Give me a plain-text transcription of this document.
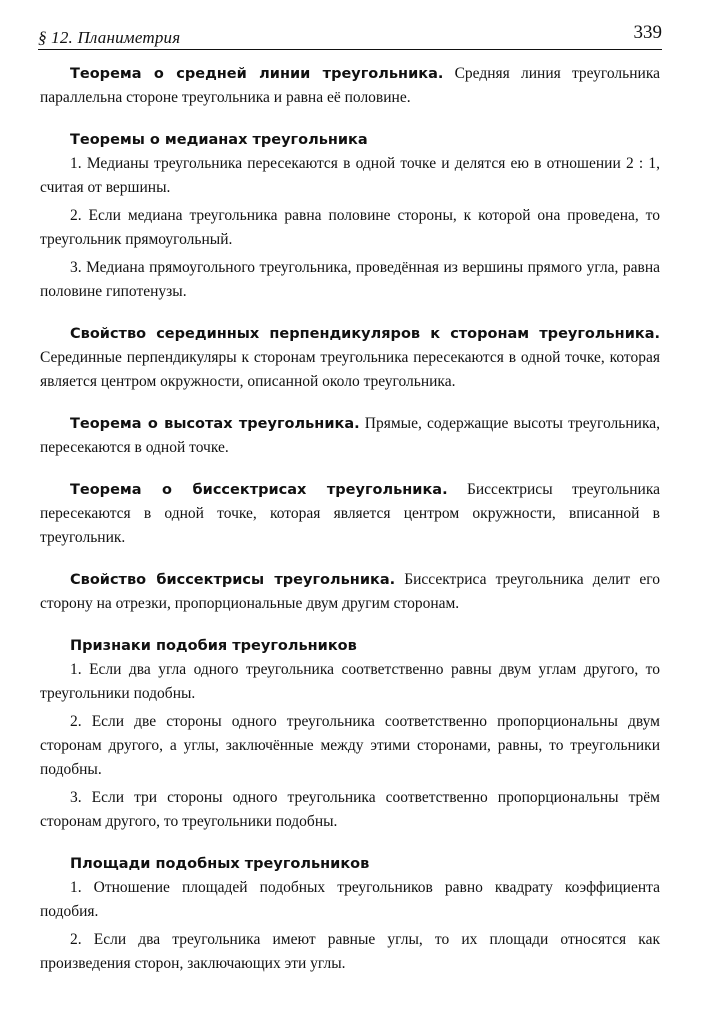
§ 12. Планиметрия	339

Теорема о средней линии треугольника. Средняя линия треугольника параллельна стороне треугольника и равна её половине.

Теоремы о медианах треугольника

1. Медианы треугольника пересекаются в одной точке и делятся ею в отношении 2 : 1, считая от вершины.

2. Если медиана треугольника равна половине стороны, к которой она проведена, то треугольник прямоугольный.

3. Медиана прямоугольного треугольника, проведённая из вершины прямого угла, равна половине гипотенузы.

Свойство серединных перпендикуляров к сторонам треугольника. Серединные перпендикуляры к сторонам треугольника пересекаются в одной точке, которая является центром окружности, описанной около треугольника.

Теорема о высотах треугольника. Прямые, содержащие высоты треугольника, пересекаются в одной точке.

Теорема о биссектрисах треугольника. Биссектрисы треугольника пересекаются в одной точке, которая является центром окружности, вписанной в треугольник.

Свойство биссектрисы треугольника. Биссектриса треугольника делит его сторону на отрезки, пропорциональные двум другим сторонам.

Признаки подобия треугольников

1. Если два угла одного треугольника соответственно равны двум углам другого, то треугольники подобны.

2. Если две стороны одного треугольника соответственно пропорциональны двум сторонам другого, а углы, заключённые между этими сторонами, равны, то треугольники подобны.

3. Если три стороны одного треугольника соответственно пропорциональны трём сторонам другого, то треугольники подобны.

Площади подобных треугольников

1. Отношение площадей подобных треугольников равно квадрату коэффициента подобия.

2. Если два треугольника имеют равные углы, то их площади относятся как произведения сторон, заключающих эти углы.
